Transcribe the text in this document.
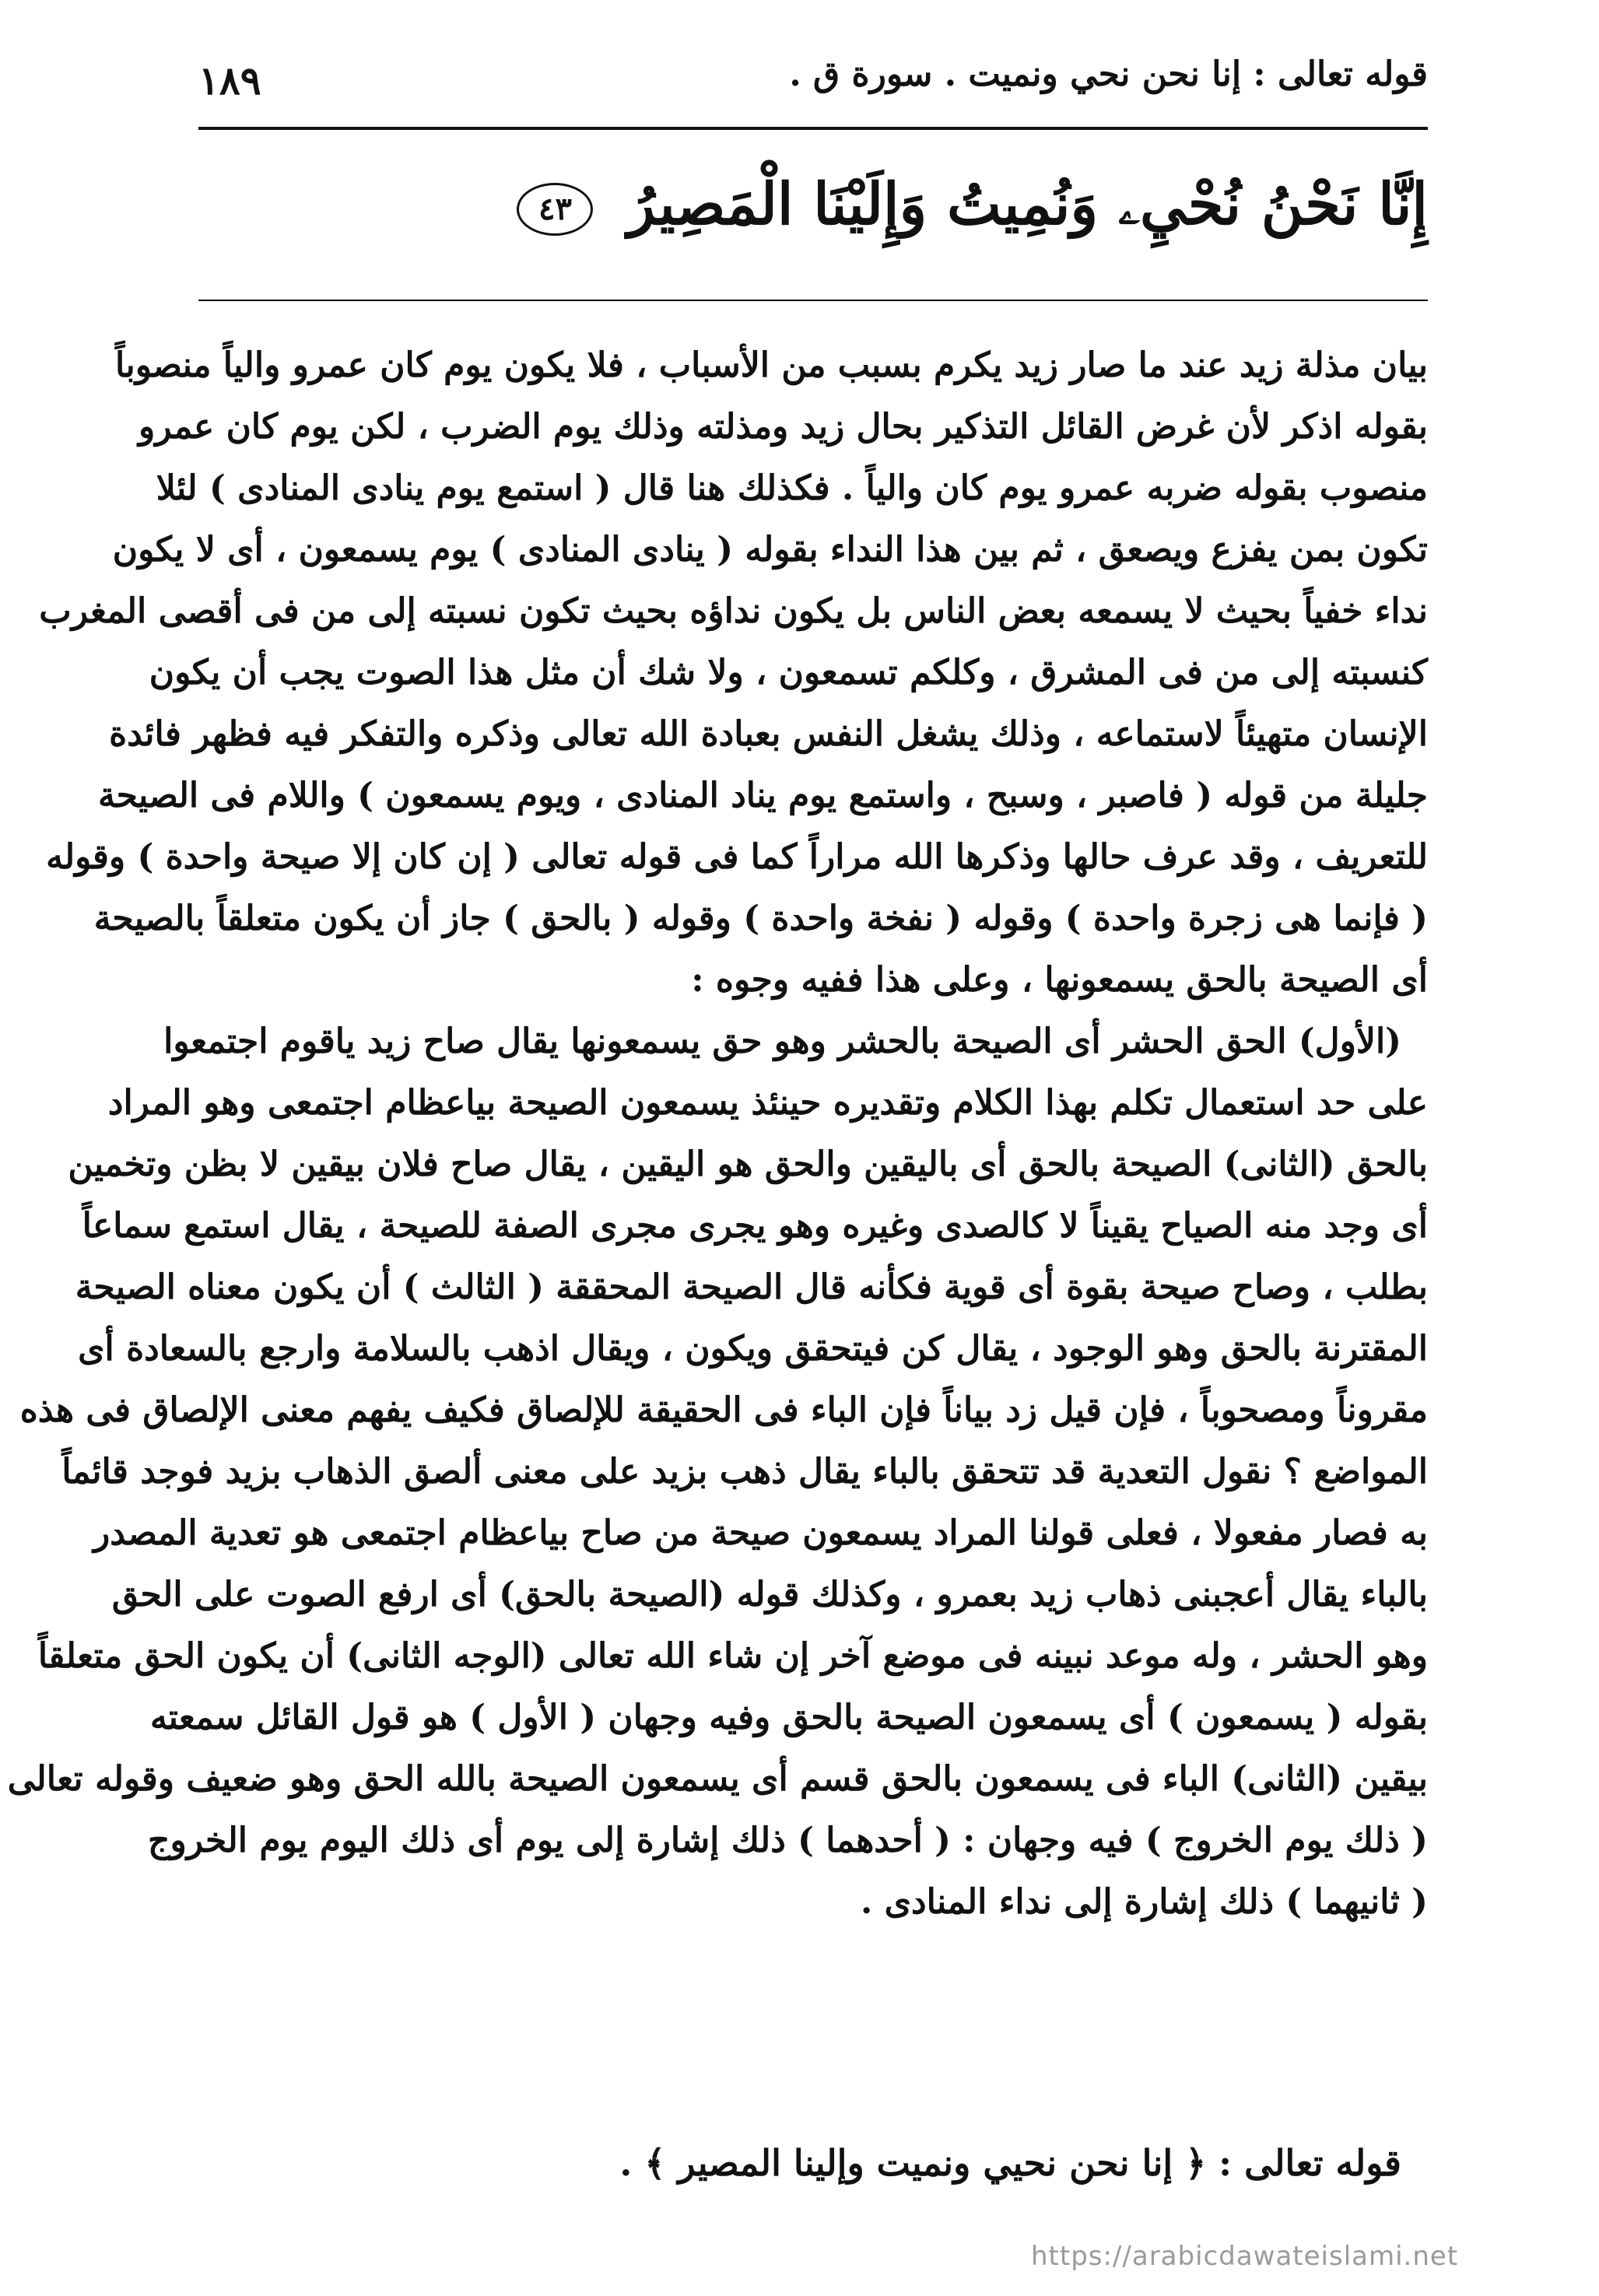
قوله تعالى : إنا نحن نحي ونميت . سورة ق .
١٨٩
إِنَّا نَحْنُ نُحْيِۦ وَنُمِيتُ وَإِلَيْنَا الْمَصِيرُ ٤٣
بيان مذلة زيد عند ما صار زيد يكرم بسبب من الأسباب ، فلا يكون يوم كان عمرو والياً منصوباً
بقوله اذكر لأن غرض القائل التذكير بحال زيد ومذلته وذلك يوم الضرب ، لكن يوم كان عمرو
منصوب بقوله ضربه عمرو يوم كان والياً . فكذلك هنا قال ( استمع يوم ينادى المنادى ) لئلا
تكون بمن يفزع ويصعق ، ثم بين هذا النداء بقوله ( ينادى المنادى ) يوم يسمعون ، أى لا يكون
نداء خفياً بحيث لا يسمعه بعض الناس بل يكون نداؤه بحيث تكون نسبته إلى من فى أقصى المغرب
كنسبته إلى من فى المشرق ، وكلكم تسمعون ، ولا شك أن مثل هذا الصوت يجب أن يكون
الإنسان متهيئاً لاستماعه ، وذلك يشغل النفس بعبادة الله تعالى وذكره والتفكر فيه فظهر فائدة
جليلة من قوله ( فاصبر ، وسبح ، واستمع يوم يناد المنادى ، ويوم يسمعون ) واللام فى الصيحة
للتعريف ، وقد عرف حالها وذكرها الله مراراً كما فى قوله تعالى ( إن كان إلا صيحة واحدة ) وقوله
( فإنما هى زجرة واحدة ) وقوله ( نفخة واحدة ) وقوله ( بالحق ) جاز أن يكون متعلقاً بالصيحة
أى الصيحة بالحق يسمعونها ، وعلى هذا ففيه وجوه :
(الأول) الحق الحشر أى الصيحة بالحشر وهو حق يسمعونها يقال صاح زيد ياقوم اجتمعوا
على حد استعمال تكلم بهذا الكلام وتقديره حينئذ يسمعون الصيحة بياعظام اجتمعى وهو المراد
بالحق (الثانى) الصيحة بالحق أى باليقين والحق هو اليقين ، يقال صاح فلان بيقين لا بظن وتخمين
أى وجد منه الصياح يقيناً لا كالصدى وغيره وهو يجرى مجرى الصفة للصيحة ، يقال استمع سماعاً
بطلب ، وصاح صيحة بقوة أى قوية فكأنه قال الصيحة المحققة ( الثالث ) أن يكون معناه الصيحة
المقترنة بالحق وهو الوجود ، يقال كن فيتحقق ويكون ، ويقال اذهب بالسلامة وارجع بالسعادة أى
مقروناً ومصحوباً ، فإن قيل زد بياناً فإن الباء فى الحقيقة للإلصاق فكيف يفهم معنى الإلصاق فى هذه
المواضع ؟ نقول التعدية قد تتحقق بالباء يقال ذهب بزيد على معنى ألصق الذهاب بزيد فوجد قائماً
به فصار مفعولا ، فعلى قولنا المراد يسمعون صيحة من صاح بياعظام اجتمعى هو تعدية المصدر
بالباء يقال أعجبنى ذهاب زيد بعمرو ، وكذلك قوله (الصيحة بالحق) أى ارفع الصوت على الحق
وهو الحشر ، وله موعد نبينه فى موضع آخر إن شاء الله تعالى (الوجه الثانى) أن يكون الحق متعلقاً
بقوله ( يسمعون ) أى يسمعون الصيحة بالحق وفيه وجهان ( الأول ) هو قول القائل سمعته
بيقين (الثانى) الباء فى يسمعون بالحق قسم أى يسمعون الصيحة بالله الحق وهو ضعيف وقوله تعالى
( ذلك يوم الخروج ) فيه وجهان : ( أحدهما ) ذلك إشارة إلى يوم أى ذلك اليوم يوم الخروج
( ثانيهما ) ذلك إشارة إلى نداء المنادى .
قوله تعالى : ﴿ إنا نحن نحيي ونميت وإلينا المصير ﴾ .
https://arabicdawateislami.net
